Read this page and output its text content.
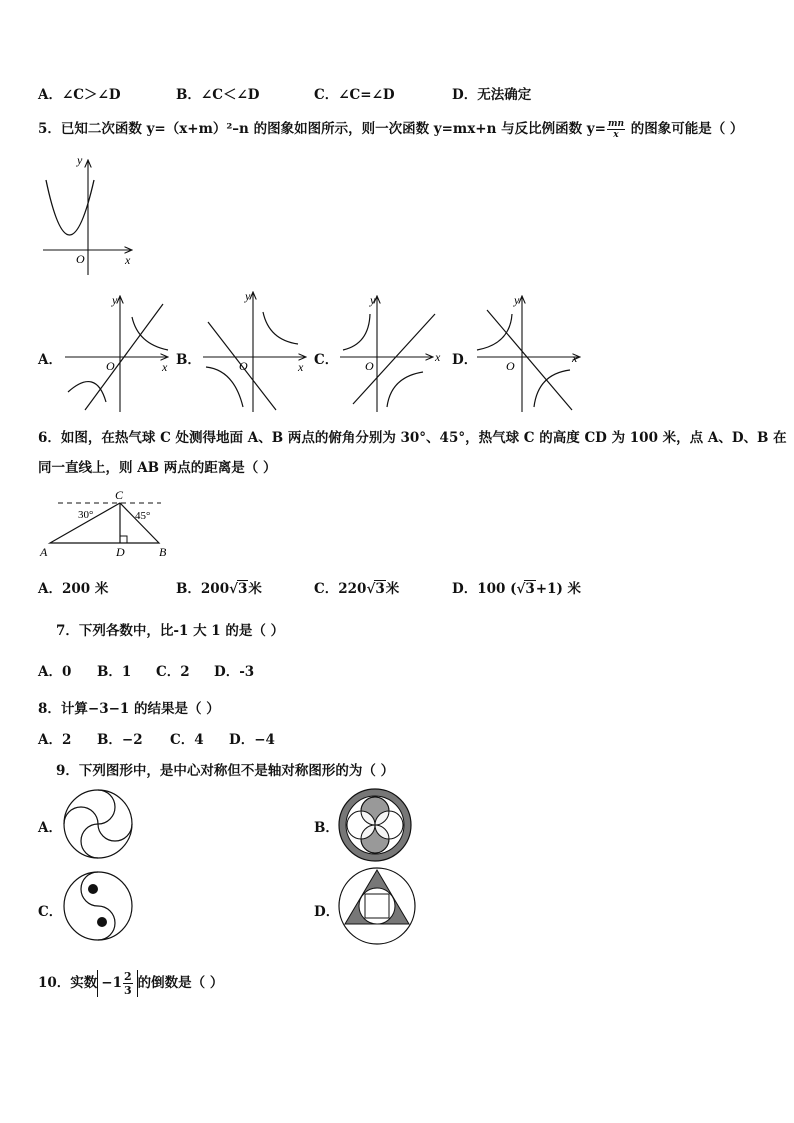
A．∠C＞∠D	B．∠C＜∠D	C．∠C=∠D	D．无法确定
5．已知二次函数 y=（x+m）²–n 的图象如图所示，则一次函数 y=mx+n 与反比例函数 $y= \frac{mn}{x}$ 的图象可能是（ ）
y
x
O
A．	B．	C．	D．
y
x
O
y
x
O
y
x
O
y
x
O
6．如图，在热气球 C 处测得地面 A、B 两点的俯角分别为 30°、45°，热气球 C 的高度 CD 为 100 米，点 A、D、B 在
同一直线上，则 AB 两点的距离是（ ）
C
A	D	B
30°	45°
A．200 米	B．200√3米	C．220√3米	D．100 (√3+1) 米
7．下列各数中，比-1 大 1 的是（ ）
A．0 B．1 C．2 D．-3
8．计算−3−1 的结果是（ ）
A．2 B．−2 C．4 D．−4
9．下列图形中，是中心对称但不是轴对称图形的为（ ）
A．	B．
C．	D．
10．实数 $-1 \frac{2}{3}$ 的倒数是（ ）
